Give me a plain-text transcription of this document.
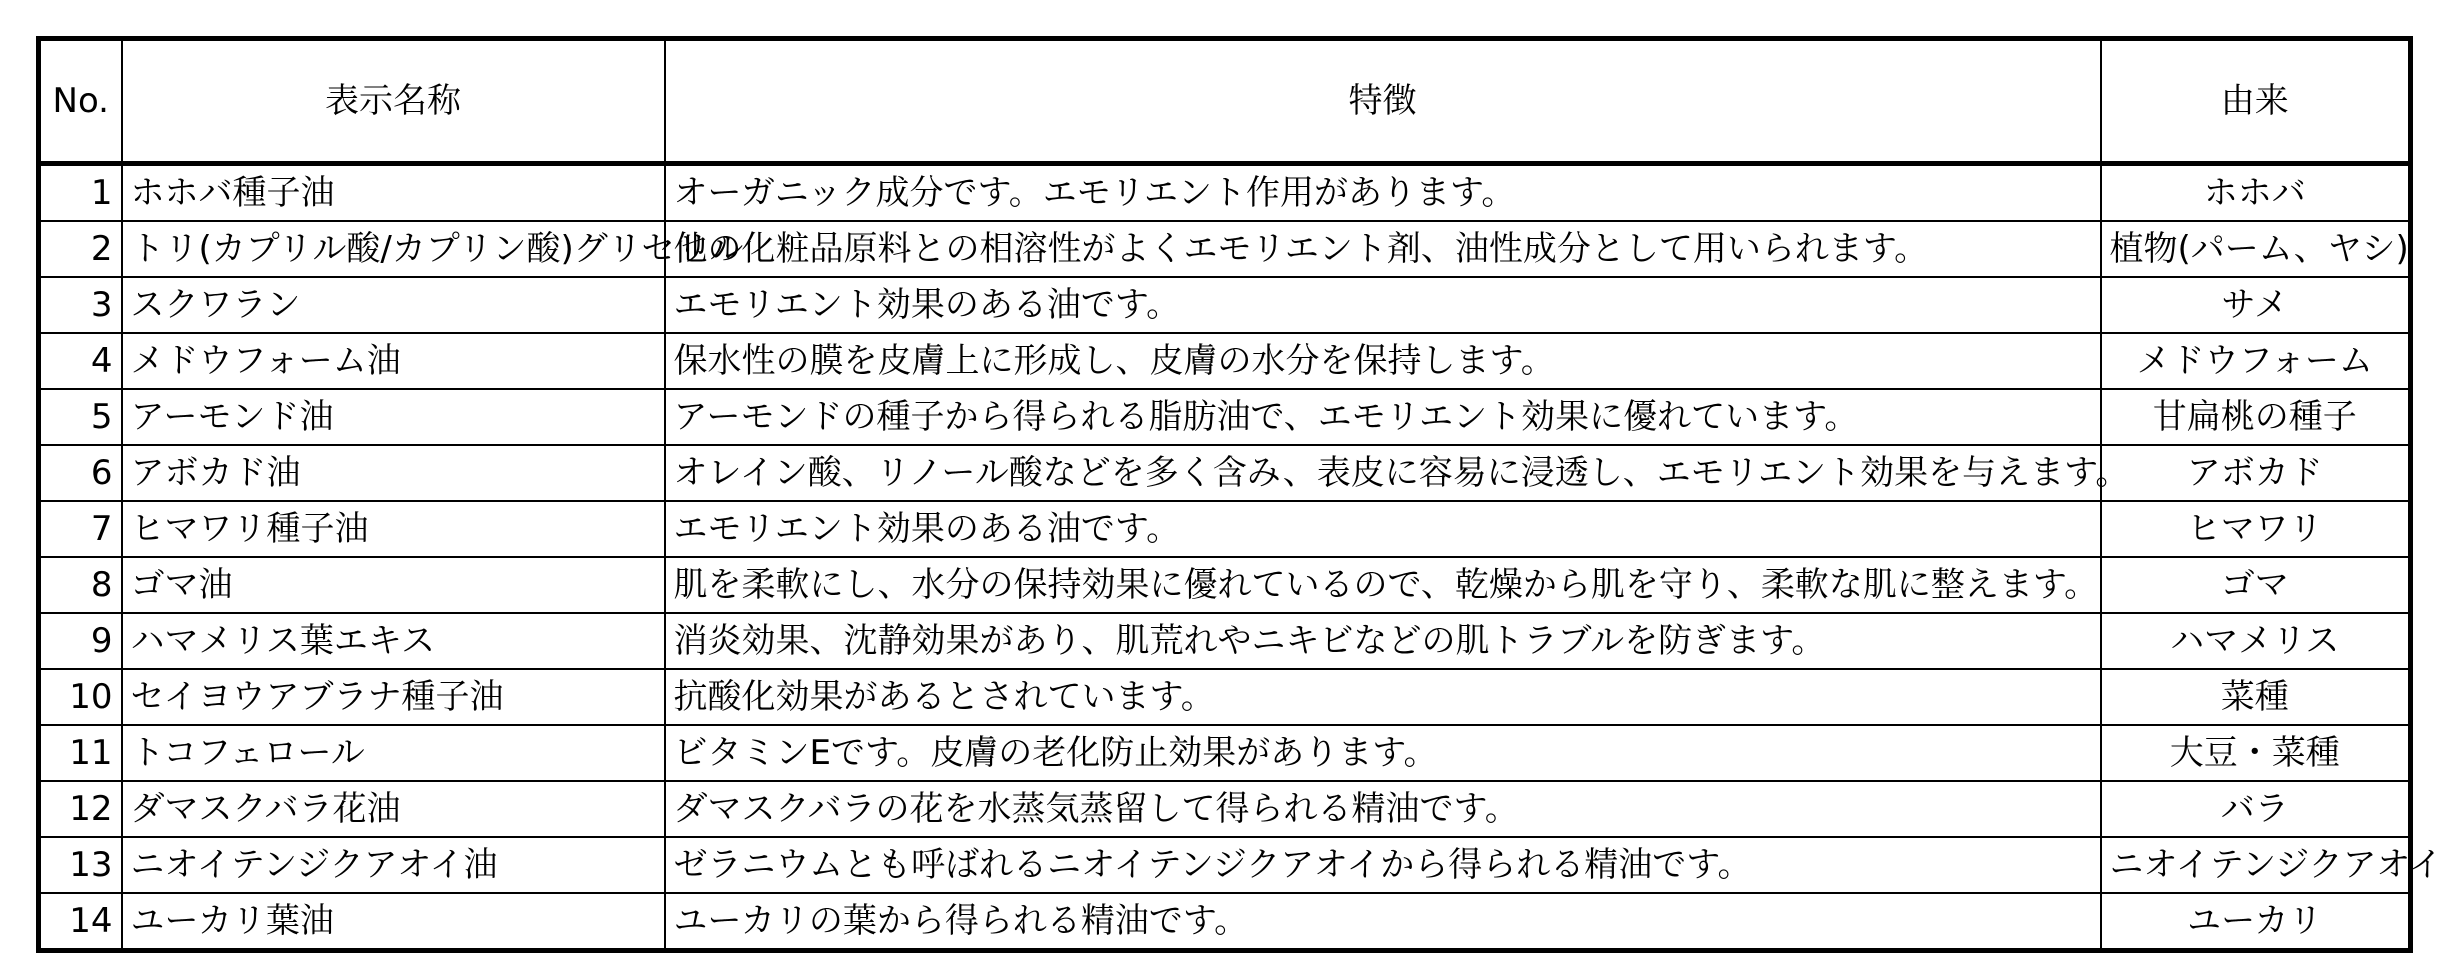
No.	表示名称	特徴	由来
1	ホホバ種子油	オーガニック成分です。エモリエント作用があります。	ホホバ
2	トリ(カプリル酸/カプリン酸)グリセリル	他の化粧品原料との相溶性がよくエモリエント剤、油性成分として用いられます。	植物(パーム、ヤシ)
3	スクワラン	エモリエント効果のある油です。	サメ
4	メドウフォーム油	保水性の膜を皮膚上に形成し、皮膚の水分を保持します。	メドウフォーム
5	アーモンド油	アーモンドの種子から得られる脂肪油で、エモリエント効果に優れています。	甘扁桃の種子
6	アボカド油	オレイン酸、リノール酸などを多く含み、表皮に容易に浸透し、エモリエント効果を与えます。	アボカド
7	ヒマワリ種子油	エモリエント効果のある油です。	ヒマワリ
8	ゴマ油	肌を柔軟にし、水分の保持効果に優れているので、乾燥から肌を守り、柔軟な肌に整えます。	ゴマ
9	ハマメリス葉エキス	消炎効果、沈静効果があり、肌荒れやニキビなどの肌トラブルを防ぎます。	ハマメリス
10	セイヨウアブラナ種子油	抗酸化効果があるとされています。	菜種
11	トコフェロール	ビタミンEです。皮膚の老化防止効果があります。	大豆・菜種
12	ダマスクバラ花油	ダマスクバラの花を水蒸気蒸留して得られる精油です。	バラ
13	ニオイテンジクアオイ油	ゼラニウムとも呼ばれるニオイテンジクアオイから得られる精油です。	ニオイテンジクアオイ
14	ユーカリ葉油	ユーカリの葉から得られる精油です。	ユーカリ
